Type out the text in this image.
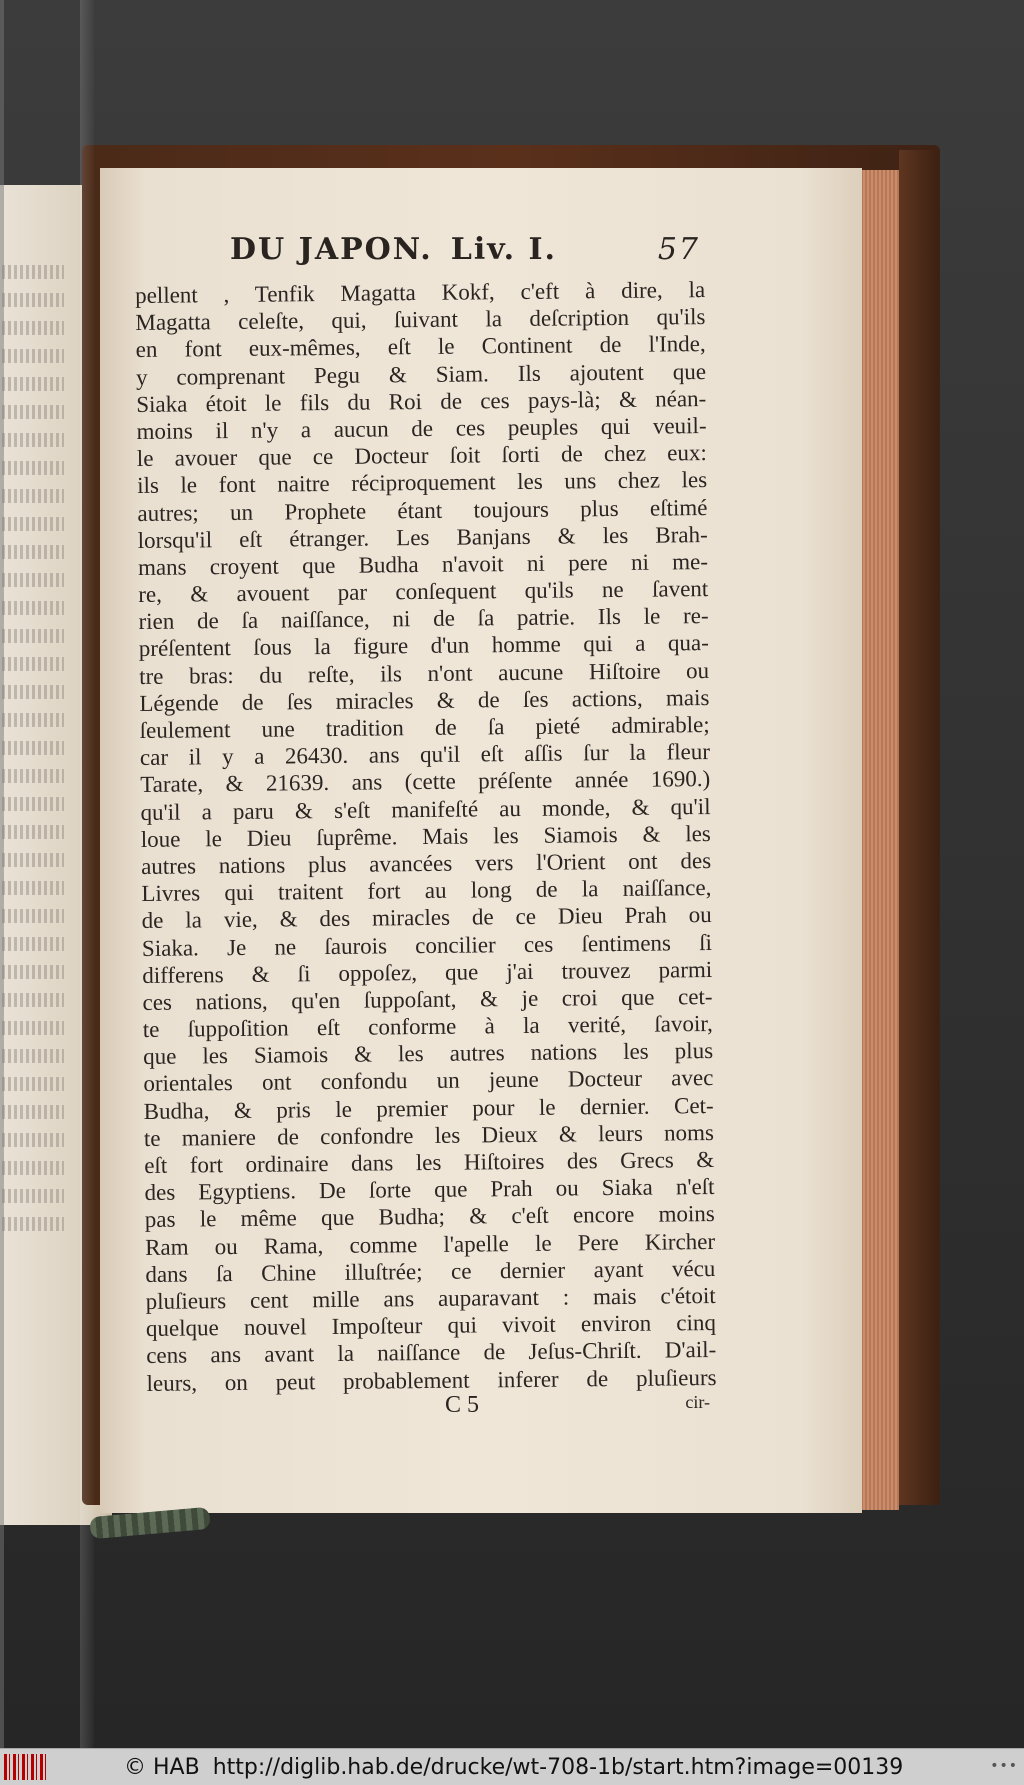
DU JAPON. Liv. I.	57
pellent , Tenfik Magatta Kokf, c'eft à dire, la
Magatta celeſte, qui, ſuivant la deſcription qu'ils
en font eux-mêmes, eſt le Continent de l'Inde,
y comprenant Pegu & Siam. Ils ajoutent que
Siaka étoit le fils du Roi de ces pays-là; & néan-
moins il n'y a aucun de ces peuples qui veuil-
le avouer que ce Docteur ſoit ſorti de chez eux:
ils le font naitre réciproquement les uns chez les
autres; un Prophete étant toujours plus eſtimé
lorsqu'il eſt étranger. Les Banjans & les Brah-
mans croyent que Budha n'avoit ni pere ni me-
re, & avouent par conſequent qu'ils ne ſavent
rien de ſa naiſſance, ni de ſa patrie. Ils le re-
préſentent ſous la figure d'un homme qui a qua-
tre bras: du reſte, ils n'ont aucune Hiſtoire ou
Légende de ſes miracles & de ſes actions, mais
ſeulement une tradition de ſa pieté admirable;
car il y a 26430. ans qu'il eſt aſſis ſur la fleur
Tarate, & 21639. ans (cette préſente année 1690.)
qu'il a paru & s'eſt manifeſté au monde, & qu'il
loue le Dieu ſuprême. Mais les Siamois & les
autres nations plus avancées vers l'Orient ont des
Livres qui traitent fort au long de la naiſſance,
de la vie, & des miracles de ce Dieu Prah ou
Siaka. Je ne ſaurois concilier ces ſentimens ſi
differens & ſi oppoſez, que j'ai trouvez parmi
ces nations, qu'en ſuppoſant, & je croi que cet-
te ſuppoſition eſt conforme à la verité, ſavoir,
que les Siamois & les autres nations les plus
orientales ont confondu un jeune Docteur avec
Budha, & pris le premier pour le dernier. Cet-
te maniere de confondre les Dieux & leurs noms
eſt fort ordinaire dans les Hiſtoires des Grecs &
des Egyptiens. De ſorte que Prah ou Siaka n'eſt
pas le même que Budha; & c'eſt encore moins
Ram ou Rama, comme l'apelle le Pere Kircher
dans ſa Chine illuſtrée; ce dernier ayant vécu
pluſieurs cent mille ans auparavant : mais c'étoit
quelque nouvel Impoſteur qui vivoit environ cinq
cens ans avant la naiſſance de Jeſus-Chriſt. D'ail-
leurs, on peut probablement inferer de pluſieurs
C 5	cir-
© HAB http://diglib.hab.de/drucke/wt-708-1b/start.htm?image=00139	•••
